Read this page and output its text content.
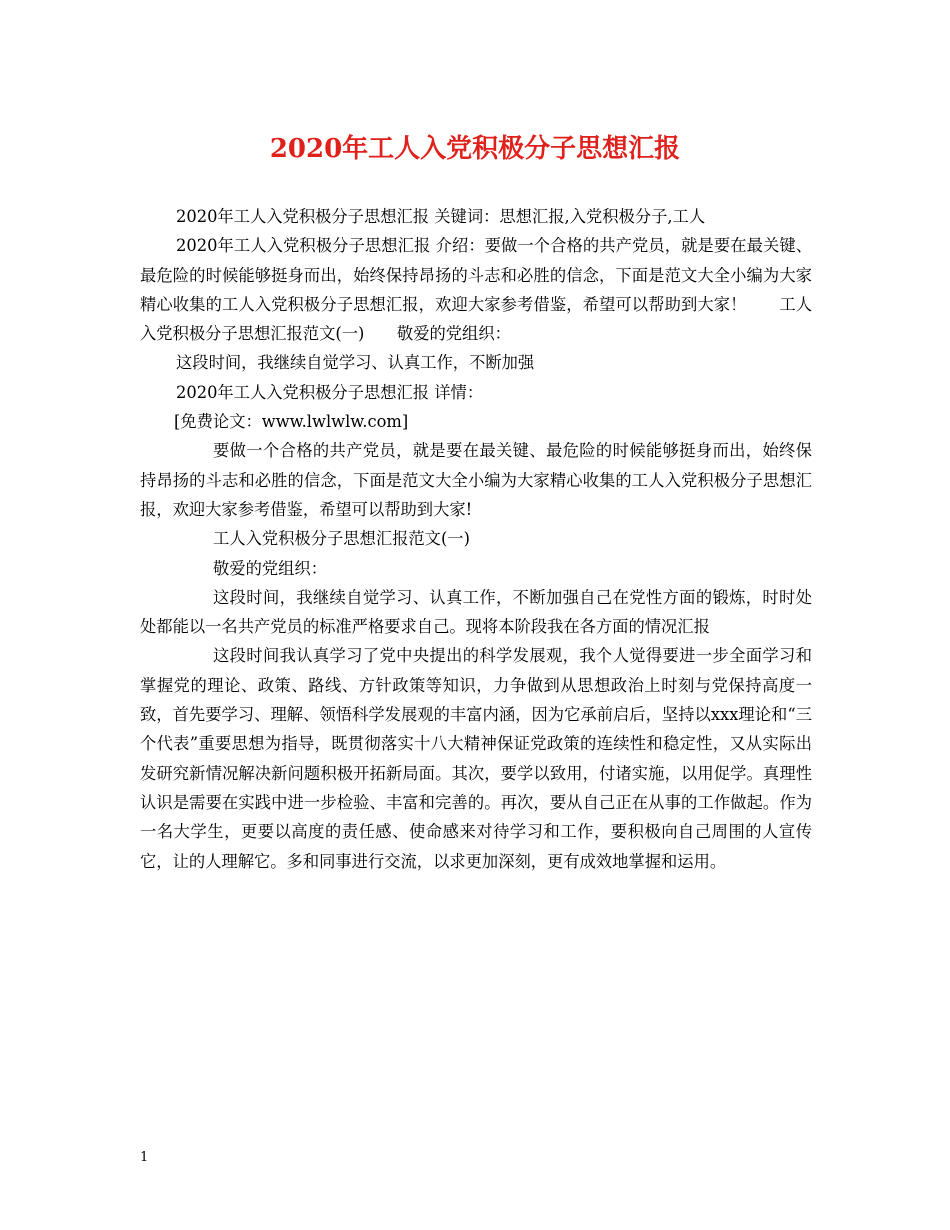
2020年工人入党积极分子思想汇报

2020年工人入党积极分子思想汇报 关键词：思想汇报,入党积极分子,工人

2020年工人入党积极分子思想汇报 介绍：要做一个合格的共产党员，就是要在最关键、最危险的时候能够挺身而出，始终保持昂扬的斗志和必胜的信念，下面是范文大全小编为大家精心收集的工人入党积极分子思想汇报，欢迎大家参考借鉴，希望可以帮助到大家！　　工人入党积极分子思想汇报范文(一)　　敬爱的党组织：

这段时间，我继续自觉学习、认真工作，不断加强

2020年工人入党积极分子思想汇报 详情：

[免费论文：www.lwlwlw.com]

要做一个合格的共产党员，就是要在最关键、最危险的时候能够挺身而出，始终保持昂扬的斗志和必胜的信念，下面是范文大全小编为大家精心收集的工人入党积极分子思想汇报，欢迎大家参考借鉴，希望可以帮助到大家!

工人入党积极分子思想汇报范文(一)

敬爱的党组织：

这段时间，我继续自觉学习、认真工作，不断加强自己在党性方面的锻炼，时时处处都能以一名共产党员的标准严格要求自己。现将本阶段我在各方面的情况汇报

这段时间我认真学习了党中央提出的科学发展观，我个人觉得要进一步全面学习和掌握党的理论、政策、路线、方针政策等知识，力争做到从思想政治上时刻与党保持高度一致，首先要学习、理解、领悟科学发展观的丰富内涵，因为它承前启后，坚持以xxx理论和“三个代表”重要思想为指导，既贯彻落实十八大精神保证党政策的连续性和稳定性，又从实际出发研究新情况解决新问题积极开拓新局面。其次，要学以致用，付诸实施，以用促学。真理性认识是需要在实践中进一步检验、丰富和完善的。再次，要从自己正在从事的工作做起。作为一名大学生，更要以高度的责任感、使命感来对待学习和工作，要积极向自己周围的人宣传它，让的人理解它。多和同事进行交流，以求更加深刻，更有成效地掌握和运用。

1
